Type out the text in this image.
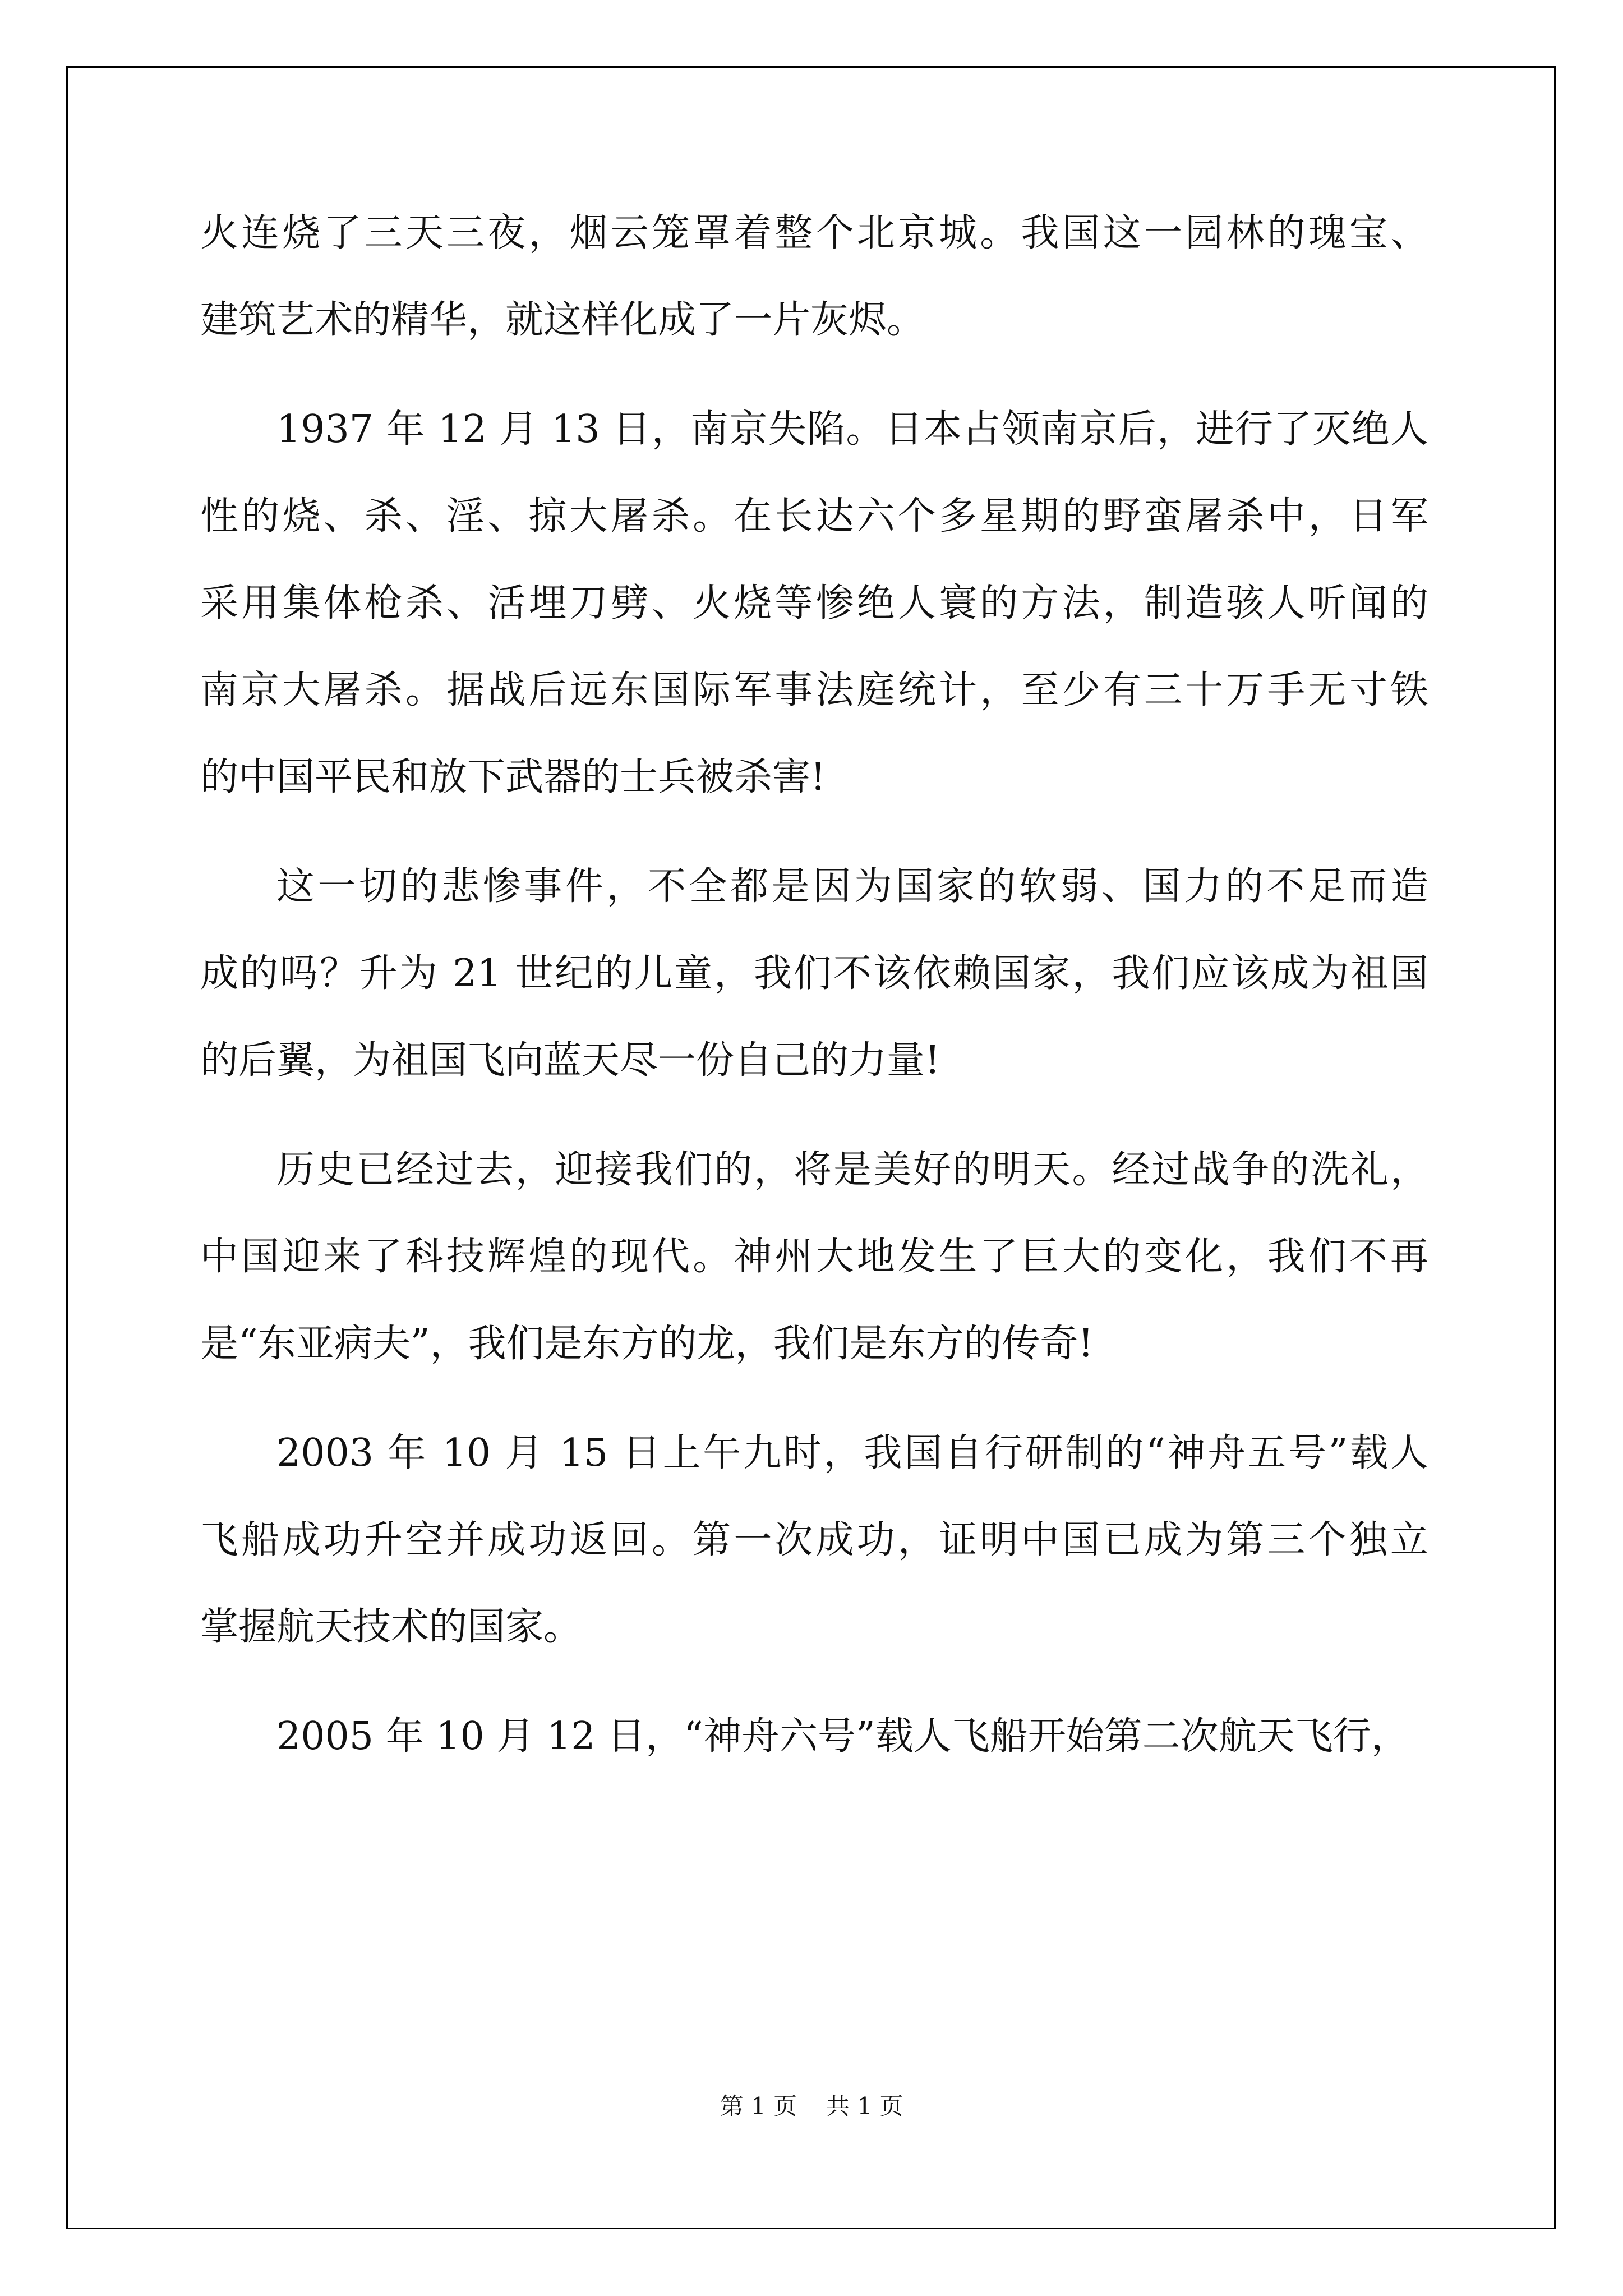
火连烧了三天三夜，烟云笼罩着整个北京城。我国这一园林的瑰宝、
建筑艺术的精华，就这样化成了一片灰烬。
1937 年 12 月 13 日，南京失陷。日本占领南京后，进行了灭绝人
性的烧、杀、淫、掠大屠杀。在长达六个多星期的野蛮屠杀中，日军
采用集体枪杀、活埋刀劈、火烧等惨绝人寰的方法，制造骇人听闻的
南京大屠杀。据战后远东国际军事法庭统计，至少有三十万手无寸铁
的中国平民和放下武器的士兵被杀害!
这一切的悲惨事件，不全都是因为国家的软弱、国力的不足而造
成的吗？升为 21 世纪的儿童，我们不该依赖国家，我们应该成为祖国
的后翼，为祖国飞向蓝天尽一份自己的力量!
历史已经过去，迎接我们的，将是美好的明天。经过战争的洗礼，
中国迎来了科技辉煌的现代。神州大地发生了巨大的变化，我们不再
是“东亚病夫”，我们是东方的龙，我们是东方的传奇!
2003 年 10 月 15 日上午九时，我国自行研制的“神舟五号”载人
飞船成功升空并成功返回。第一次成功，证明中国已成为第三个独立
掌握航天技术的国家。
2005 年 10 月 12 日，“神舟六号”载人飞船开始第二次航天飞行，
第 1 页 共 1 页
